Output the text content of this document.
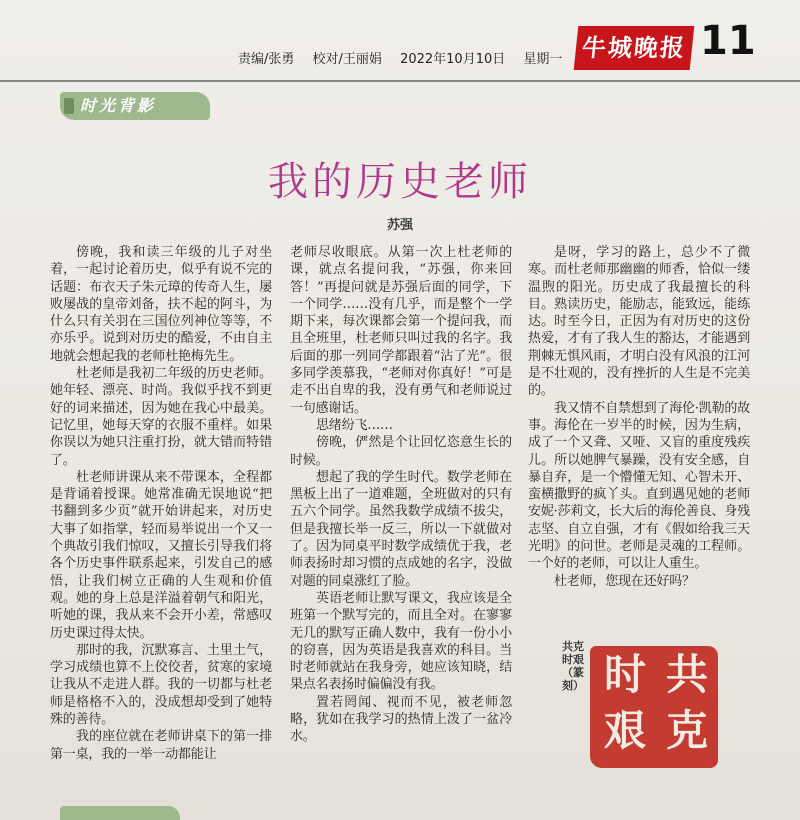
责编/张勇 校对/王丽娟 2022年10月10日 星期一 牛城晚报 11
时光背影
我的历史老师
苏强

傍晚，我和读三年级的儿子对坐着，一起讨论着历史，似乎有说不完的话题：布衣天子朱元璋的传奇人生，屡败屡战的皇帝刘备，扶不起的阿斗，为什么只有关羽在三国位列神位等等，不亦乐乎。说到对历史的酷爱，不由自主地就会想起我的老师杜艳梅先生。

杜老师是我初二年级的历史老师。她年轻、漂亮、时尚。我似乎找不到更好的词来描述，因为她在我心中最美。记忆里，她每天穿的衣服不重样。如果你误以为她只注重打扮，就大错而特错了。

杜老师讲课从来不带课本，全程都是背诵着授课。她常准确无误地说“把书翻到多少页”就开始讲起来，对历史大事了如指掌，轻而易举说出一个又一个典故引我们惊叹，又擅长引导我们将各个历史事件联系起来，引发自己的感悟，让我们树立正确的人生观和价值观。她的身上总是洋溢着朝气和阳光，听她的课，我从来不会开小差，常感叹历史课过得太快。

那时的我，沉默寡言、土里土气，学习成绩也算不上佼佼者，贫寒的家境让我从不走进人群。我的一切都与杜老师是格格不入的，没成想却受到了她特殊的善待。

我的座位就在老师讲桌下的第一排第一桌，我的一举一动都能让

老师尽收眼底。从第一次上杜老师的课，就点名提问我，“苏强，你来回答！”再提问就是苏强后面的同学，下一个同学……没有几乎，而是整个一学期下来，每次课都会第一个提问我，而且全班里，杜老师只叫过我的名字。我后面的那一列同学都跟着“沾了光”。很多同学羡慕我，“老师对你真好！”可是走不出自卑的我，没有勇气和老师说过一句感谢话。

思绪纷飞……

傍晚，俨然是个让回忆恣意生长的时候。

想起了我的学生时代。数学老师在黑板上出了一道难题，全班做对的只有五六个同学。虽然我数学成绩不拔尖，但是我擅长举一反三，所以一下就做对了。因为同桌平时数学成绩优于我，老师表扬时却习惯的点成她的名字，没做对题的同桌涨红了脸。

英语老师让默写课文，我应该是全班第一个默写完的，而且全对。在寥寥无几的默写正确人数中，我有一份小小的窃喜，因为英语是我喜欢的科目。当时老师就站在我身旁，她应该知晓，结果点名表扬时偏偏没有我。

置若罔闻、视而不见，被老师忽略，犹如在我学习的热情上泼了一盆冷水。

是呀，学习的路上，总少不了微寒。而杜老师那幽幽的师香，恰似一缕温煦的阳光。历史成了我最擅长的科目。熟读历史，能励志，能致远，能练达。时至今日，正因为有对历史的这份热爱，才有了我人生的豁达，才能遇到荆棘无惧风雨，才明白没有风浪的江河是不壮观的，没有挫折的人生是不完美的。

我又情不自禁想到了海伦·凯勒的故事。海伦在一岁半的时候，因为生病，成了一个又聋、又哑、又盲的重度残疾儿。所以她脾气暴躁，没有安全感，自暴自弃，是一个懵懂无知、心智未开、蛮横撒野的疯丫头。直到遇见她的老师安妮·莎莉文，长大后的海伦善良、身残志坚、自立自强，才有《假如给我三天光明》的问世。老师是灵魂的工程师。一个好的老师，可以让人重生。

杜老师，您现在还好吗？

共克时艰
（篆刻） 共
克
时
艰
